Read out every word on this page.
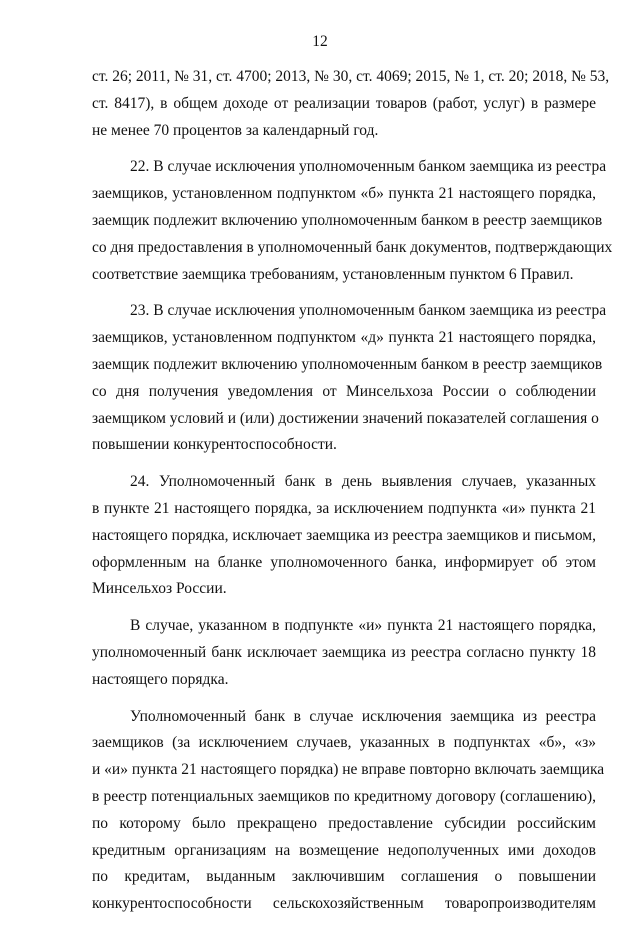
12
ст. 26; 2011, № 31, ст. 4700; 2013, № 30, ст. 4069; 2015, № 1, ст. 20; 2018, № 53,
ст. 8417), в общем доходе от реализации товаров (работ, услуг) в размере
не менее 70 процентов за календарный год.
22. В случае исключения уполномоченным банком заемщика из реестра
заемщиков, установленном подпунктом «б» пункта 21 настоящего порядка,
заемщик подлежит включению уполномоченным банком в реестр заемщиков
со дня предоставления в уполномоченный банк документов, подтверждающих
соответствие заемщика требованиям, установленным пунктом 6 Правил.
23. В случае исключения уполномоченным банком заемщика из реестра
заемщиков, установленном подпунктом «д» пункта 21 настоящего порядка,
заемщик подлежит включению уполномоченным банком в реестр заемщиков
со дня получения уведомления от Минсельхоза России о соблюдении
заемщиком условий и (или) достижении значений показателей соглашения о
повышении конкурентоспособности.
24. Уполномоченный банк в день выявления случаев, указанных
в пункте 21 настоящего порядка, за исключением подпункта «и» пункта 21
настоящего порядка, исключает заемщика из реестра заемщиков и письмом,
оформленным на бланке уполномоченного банка, информирует об этом
Минсельхоз России.
В случае, указанном в подпункте «и» пункта 21 настоящего порядка,
уполномоченный банк исключает заемщика из реестра согласно пункту 18
настоящего порядка.
Уполномоченный банк в случае исключения заемщика из реестра
заемщиков (за исключением случаев, указанных в подпунктах «б», «з»
и «и» пункта 21 настоящего порядка) не вправе повторно включать заемщика
в реестр потенциальных заемщиков по кредитному договору (соглашению),
по которому было прекращено предоставление субсидии российским
кредитным организациям на возмещение недополученных ими доходов
по кредитам, выданным заключившим соглашения о повышении
конкурентоспособности сельскохозяйственным товаропроизводителям
